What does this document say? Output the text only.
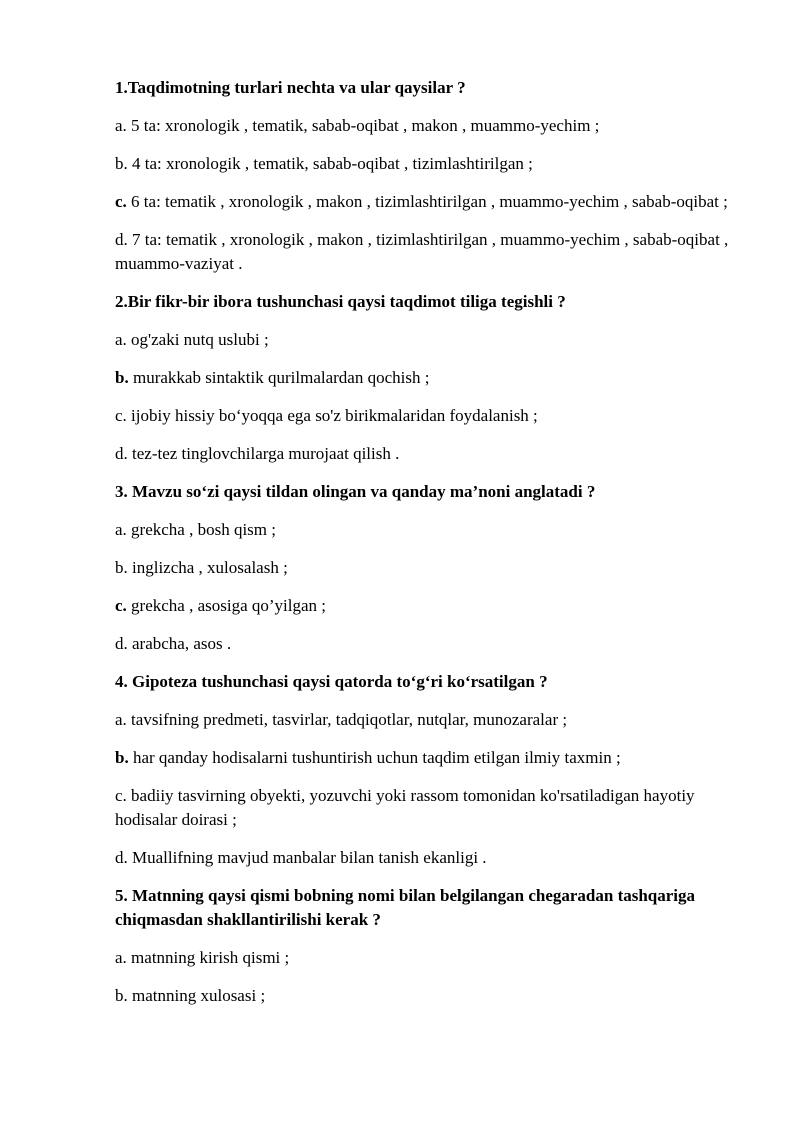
1.Taqdimotning turlari nechta va ular qaysilar ?

a. 5 ta: xronologik , tematik, sabab-oqibat , makon , muammo-yechim ;

b. 4 ta: xronologik , tematik, sabab-oqibat , tizimlashtirilgan ;

c. 6 ta: tematik , xronologik , makon , tizimlashtirilgan , muammo-yechim , sabab-oqibat ;

d. 7 ta: tematik , xronologik , makon , tizimlashtirilgan , muammo-yechim , sabab-oqibat , muammo-vaziyat .

2.Bir fikr-bir ibora tushunchasi qaysi taqdimot tiliga tegishli ?

a. og'zaki nutq uslubi ;

b. murakkab sintaktik qurilmalardan qochish ;

c. ijobiy hissiy bo‘yoqqa ega so'z birikmalaridan foydalanish ;

d. tez-tez tinglovchilarga murojaat qilish .

3. Mavzu so‘zi qaysi tildan olingan va qanday ma’noni anglatadi ?

a. grekcha , bosh qism ;

b. inglizcha , xulosalash ;

c. grekcha , asosiga qo’yilgan ;

d. arabcha, asos .

4. Gipoteza tushunchasi qaysi qatorda to‘g‘ri ko‘rsatilgan ?

a. tavsifning predmeti, tasvirlar, tadqiqotlar, nutqlar, munozaralar ;

b. har qanday hodisalarni tushuntirish uchun taqdim etilgan ilmiy taxmin ;

c. badiiy tasvirning obyekti, yozuvchi yoki rassom tomonidan ko'rsatiladigan hayotiy hodisalar doirasi ;

d. Muallifning mavjud manbalar bilan tanish ekanligi .

5. Matnning qaysi qismi bobning nomi bilan belgilangan chegaradan tashqariga chiqmasdan shakllantirilishi kerak ?

a. matnning kirish qismi ;

b. matnning xulosasi ;
